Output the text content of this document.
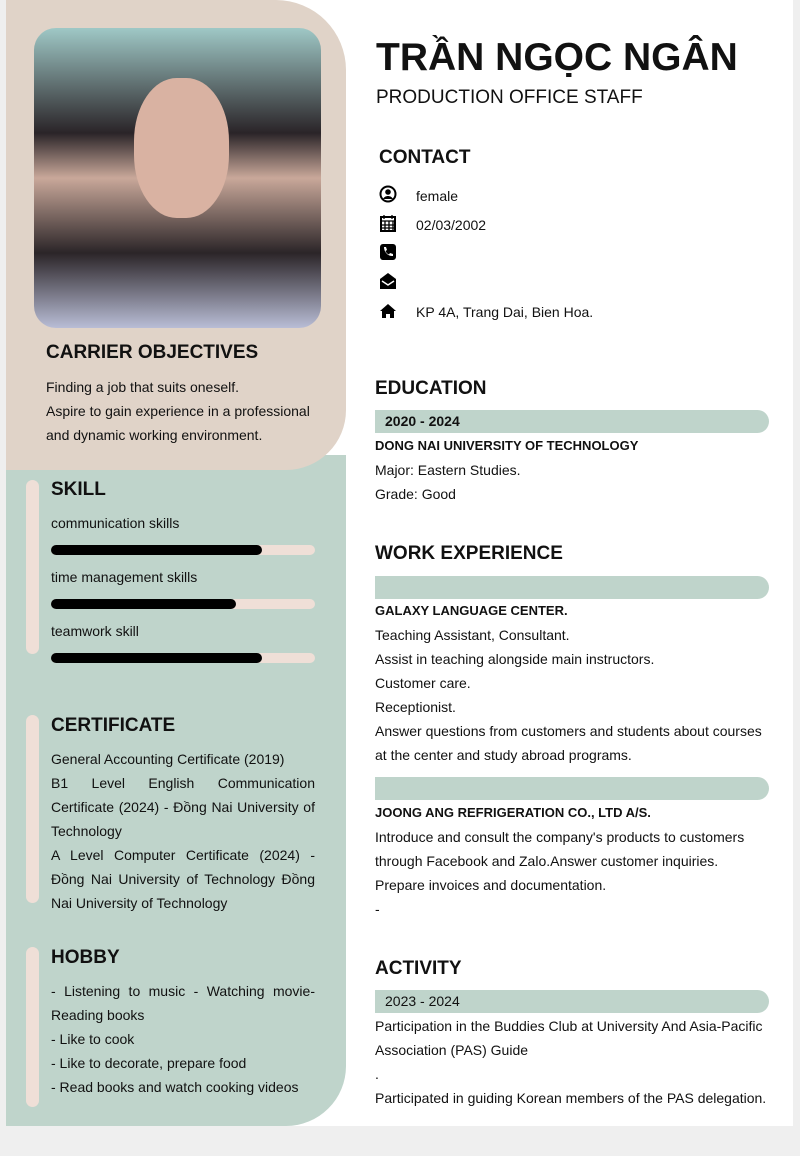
CARRIER OBJECTIVES
Finding a job that suits oneself.
Aspire to gain experience in a professional and dynamic working environment.
SKILL
communication skills
time management skills
teamwork skill
CERTIFICATE
General Accounting Certificate (2019)
B1 Level English Communication Certificate (2024) - Đồng Nai University of Technology
A Level Computer Certificate (2024) - Đồng Nai University of Technology Đồng Nai University of Technology
HOBBY
- Listening to music - Watching movie- Reading books
- Like to cook
- Like to decorate, prepare food
- Read books and watch cooking videos
TRẦN NGỌC NGÂN
PRODUCTION OFFICE STAFF
CONTACT
female
02/03/2002
KP 4A, Trang Dai, Bien Hoa.
EDUCATION
2020 - 2024
DONG NAI UNIVERSITY OF TECHNOLOGY
Major: Eastern Studies.
Grade: Good
WORK EXPERIENCE
GALAXY LANGUAGE CENTER.
Teaching Assistant, Consultant.
Assist in teaching alongside main instructors.
Customer care.
Receptionist.
Answer questions from customers and students about courses at the center and study abroad programs.
JOONG ANG REFRIGERATION CO., LTD A/S.
Introduce and consult the company's products to customers through Facebook and Zalo.Answer customer inquiries.
Prepare invoices and documentation.
-
ACTIVITY
2023 - 2024
Participation in the Buddies Club at University And Asia-Pacific Association (PAS) Guide
.
Participated in guiding Korean members of the PAS delegation.
